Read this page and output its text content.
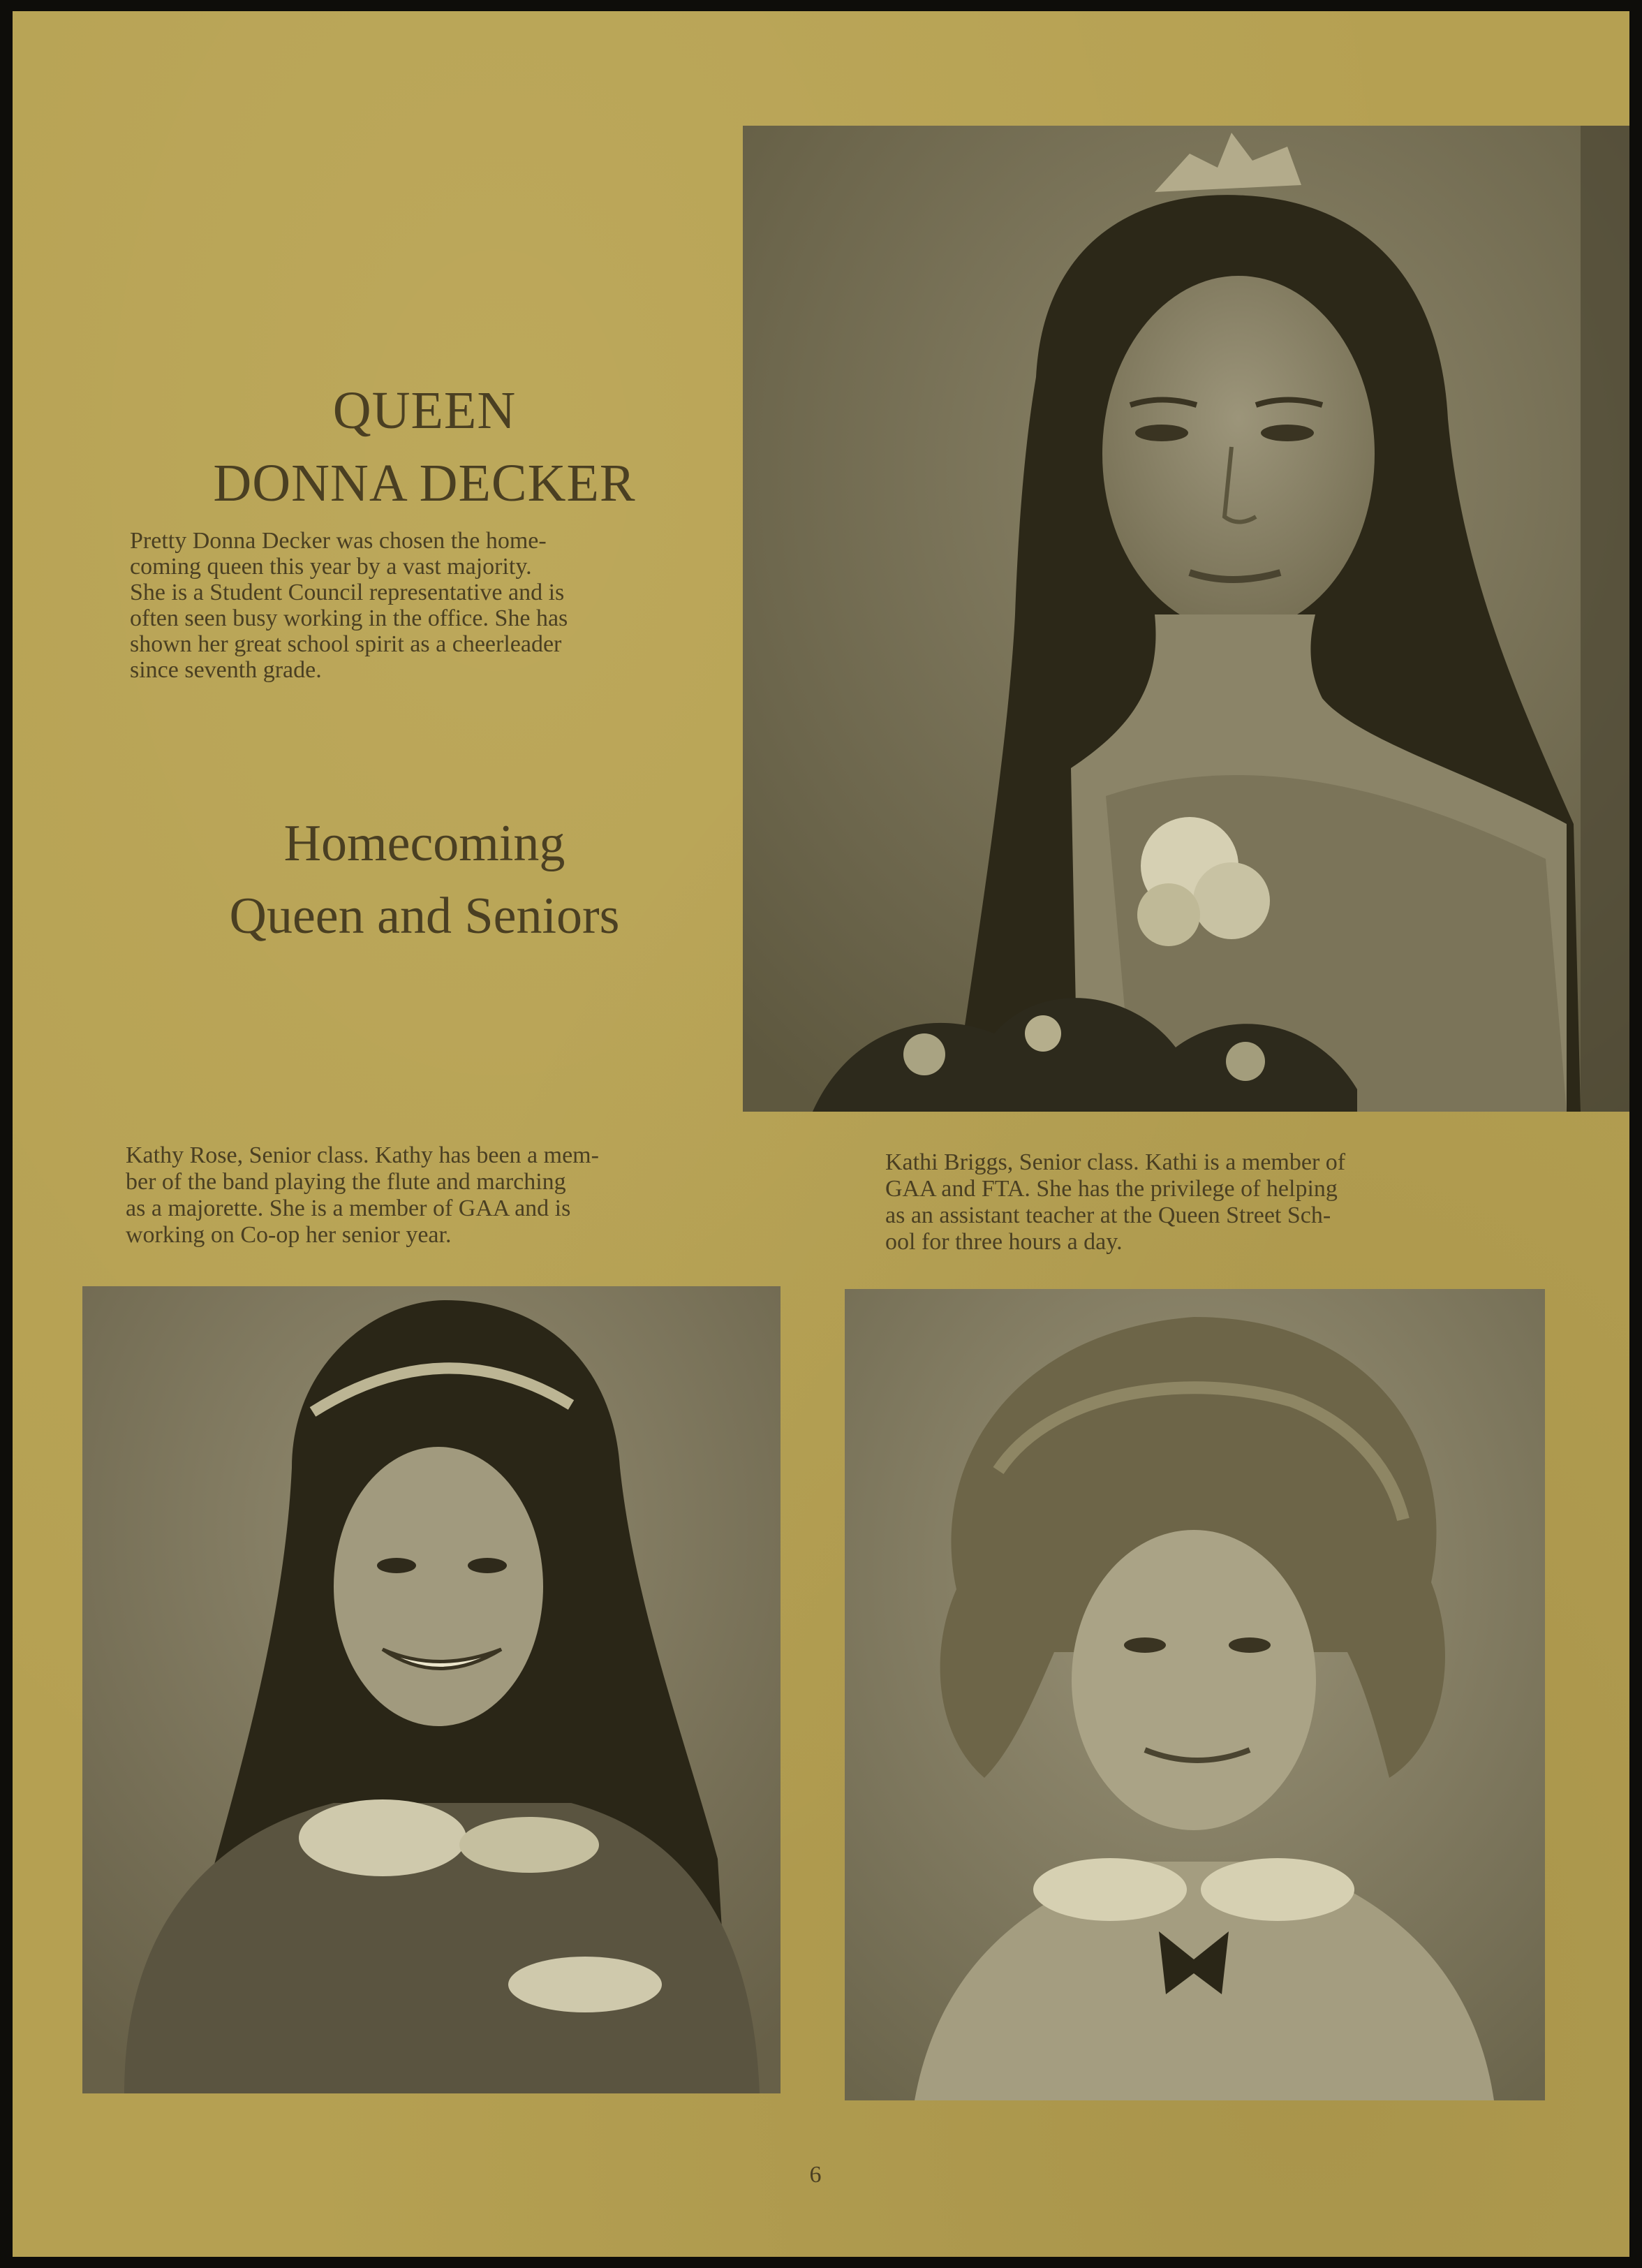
QUEEN
DONNA DECKER
Pretty Donna Decker was chosen the home-
coming queen this year by a vast majority.
She is a Student Council representative and is
often seen busy working in the office. She has
shown her great school spirit as a cheerleader
since seventh grade.
Homecoming
Queen and Seniors
Kathy Rose, Senior class. Kathy has been a mem-
ber of the band playing the flute and marching
as a majorette. She is a member of GAA and is
working on Co-op her senior year.
Kathi Briggs, Senior class. Kathi is a member of
GAA and FTA. She has the privilege of helping
as an assistant teacher at the Queen Street Sch-
ool for three hours a day.
6
